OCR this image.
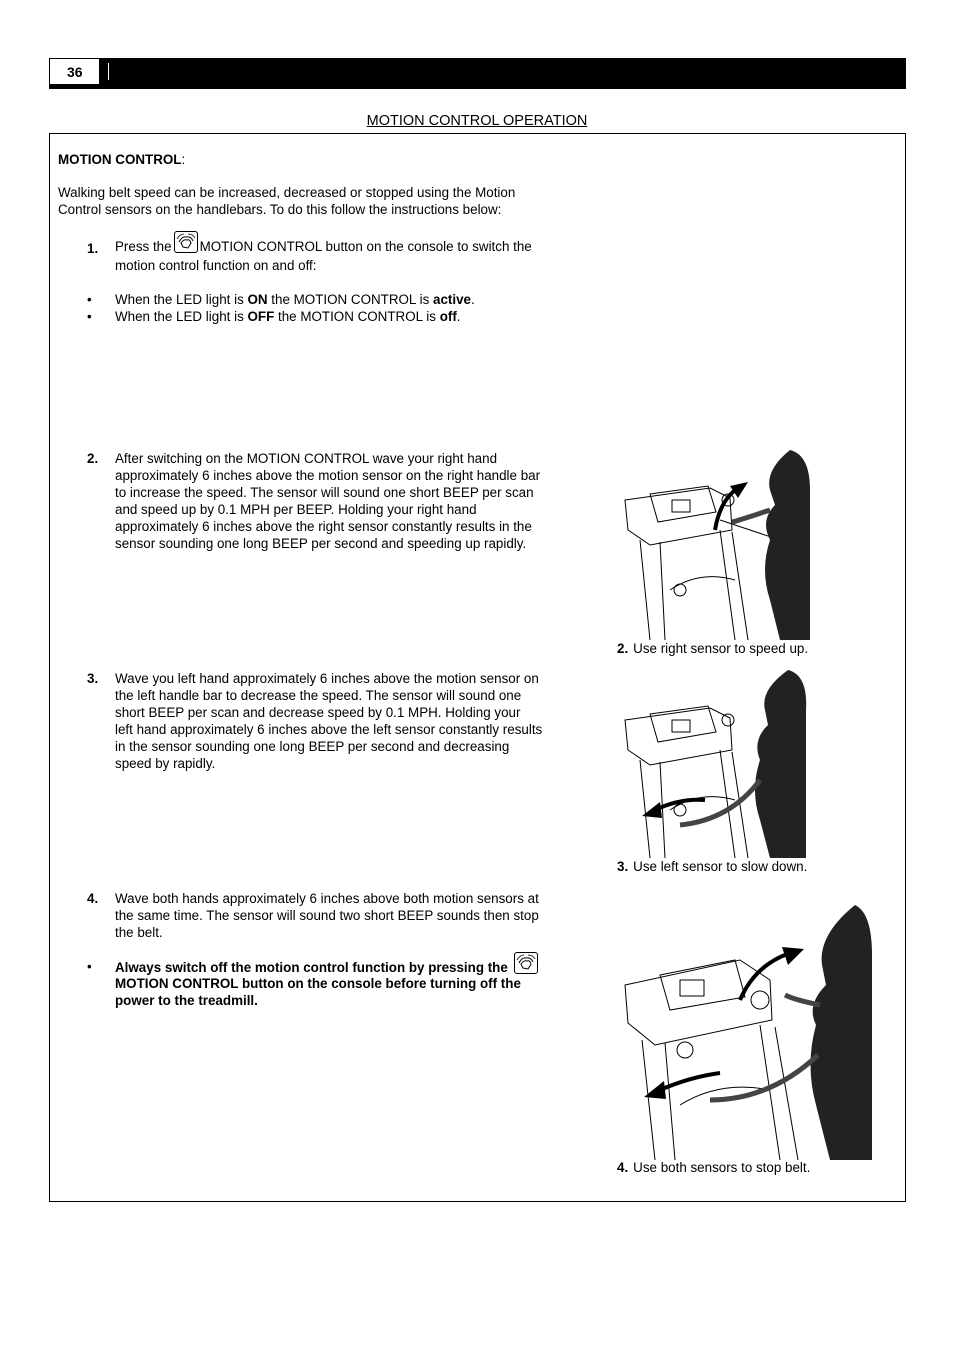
36
MOTION CONTROL OPERATION
MOTION CONTROL:
Walking belt speed can be increased, decreased or stopped using the Motion
Control sensors on the handlebars. To do this follow the instructions below:
1. Press the MOTION CONTROL button on the console to switch the
motion control function on and off:
• When the LED light is ON the MOTION CONTROL is active.
• When the LED light is OFF the MOTION CONTROL is off.
2. After switching on the MOTION CONTROL wave your right hand
approximately 6 inches above the motion sensor on the right handle bar
to increase the speed. The sensor will sound one short BEEP per scan
and speed up by 0.1 MPH per BEEP. Holding your right hand
approximately 6 inches above the right sensor constantly results in the
sensor sounding one long BEEP per second and speeding up rapidly.
2. Use right sensor to speed up.
3. Wave you left hand approximately 6 inches above the motion sensor on
the left handle bar to decrease the speed. The sensor will sound one
short BEEP per scan and decrease speed by 0.1 MPH. Holding your
left hand approximately 6 inches above the left sensor constantly results
in the sensor sounding one long BEEP per second and decreasing
speed by rapidly.
3. Use left sensor to slow down.
4. Wave both hands approximately 6 inches above both motion sensors at
the same time. The sensor will sound two short BEEP sounds then stop
the belt.
• Always switch off the motion control function by pressing the
MOTION CONTROL button on the console before turning off the
power to the treadmill.
4. Use both sensors to stop belt.
